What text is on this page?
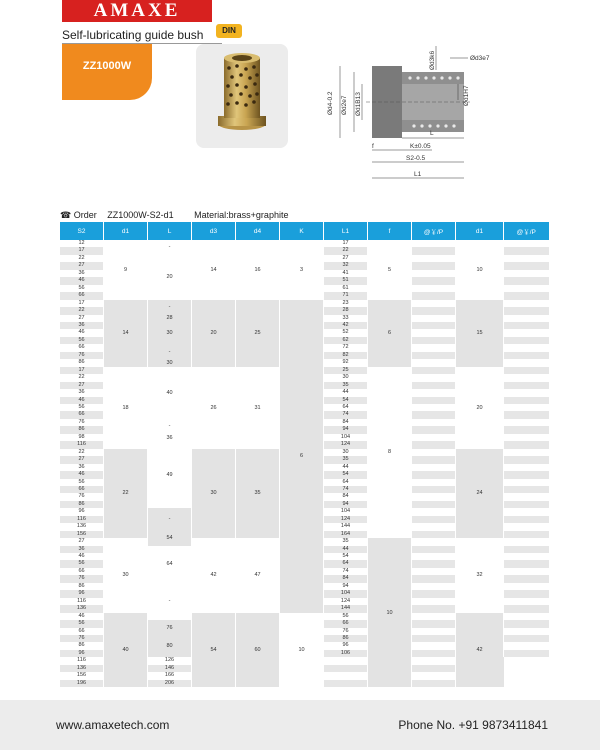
AMAXE
DIN
Self-lubricating guide bush
ZZ1000W
Ød4-0.2 Ød2e7 Ød1B13
Ød3k6	Ød3e7
Ød1H7
L
f	K±0.05
S2-0.5
L1
☎ Order ZZ1000W-S2-d1 Material:brass+graphite
S2	d1	L	d3	d4	K	L1	f	@￥/P	d1	@￥/P
12	9	-	14	16	3	17	5		10	
17						22				
22		20				27				
27						32				
36						41				
46						51				
56						61				
66						71				
17	14	-	20	25	6	23	6		15	
22						28				
27		28				33				
36		30				42				
46						52				
56						62				
66		-				72				
76						82				
86		30				92				
17	18	40	26	31		25	8		20	
22						30				
27						35				
36						44				
46						54				
56						64				
66						74				
76		-				84				
86						94				
98		36				104				
116		49				124				
22	22		30	35		30			24	
27						35				
36						44				
46						54				
56						64				
66						74				
76						84				
86						94				
96		-				104				
116						124				
136						144				
156		54				164				
27	30		42	47		35	10		32	
36		64				44				
46						54				
56						64				
66						74				
76						84				
86		-				94				
96						104				
116						124				
136						144				
46	40		54	60	10	56			42	
56		76				66				
66						76				
76		80				86				
86						96				
96						106				
116		126								
136		146								
156		166								
196		206								
www.amaxetech.com	Phone No. +91 9873411841
